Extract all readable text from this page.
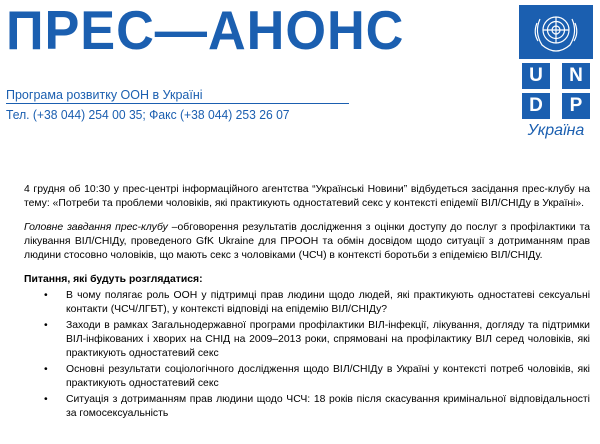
ПРЕС—АНОНС
Програма розвитку ООН в Україні
Тел. (+38 044) 254 00 35; Факс (+38 044) 253 26 07
U	N
D	P
Україна

4 грудня об 10:30 у прес-центрі інформаційного агентства “Українські Новини” відбудеться засідання прес-клубу на тему: «Потреби та проблеми чоловіків, які практикують одностатевий секс у контексті епідемії ВІЛ/СНІДу в Україні».

Головне завдання прес-клубу –обговорення результатів дослідження з оцінки доступу до послуг з профілактики та лікування ВІЛ/СНІДу, проведеного GfK Ukraine для ПРООН та обмін досвідом щодо ситуації з дотриманням прав людини стосовно чоловіків, що мають секс з чоловіками (ЧСЧ) в контексті боротьби з епідемією ВІЛ/СНІДу.

Питання, які будуть розглядатися:

• В чому полягає роль ООН у підтримці прав людини щодо людей, які практикують одностатеві сексуальні контакти (ЧСЧ/ЛГБТ), у контексті відповіді на епідемію ВІЛ/СНІДу?
• Заходи в рамках Загальнодержавної програми профілактики ВІЛ-інфекції, лікування, догляду та підтримки ВІЛ-інфікованих і хворих на СНІД на 2009–2013 роки, спрямовані на профілактику ВІЛ серед чоловіків, які практикують одностатевий секс
• Основні результати соціологічного дослідження щодо ВІЛ/СНІДу в Україні у контексті потреб чоловіків, які практикують одностатевий секс
• Ситуація з дотриманням прав людини щодо ЧСЧ: 18 років після скасування кримінальної відповідальності за гомосексуальність
